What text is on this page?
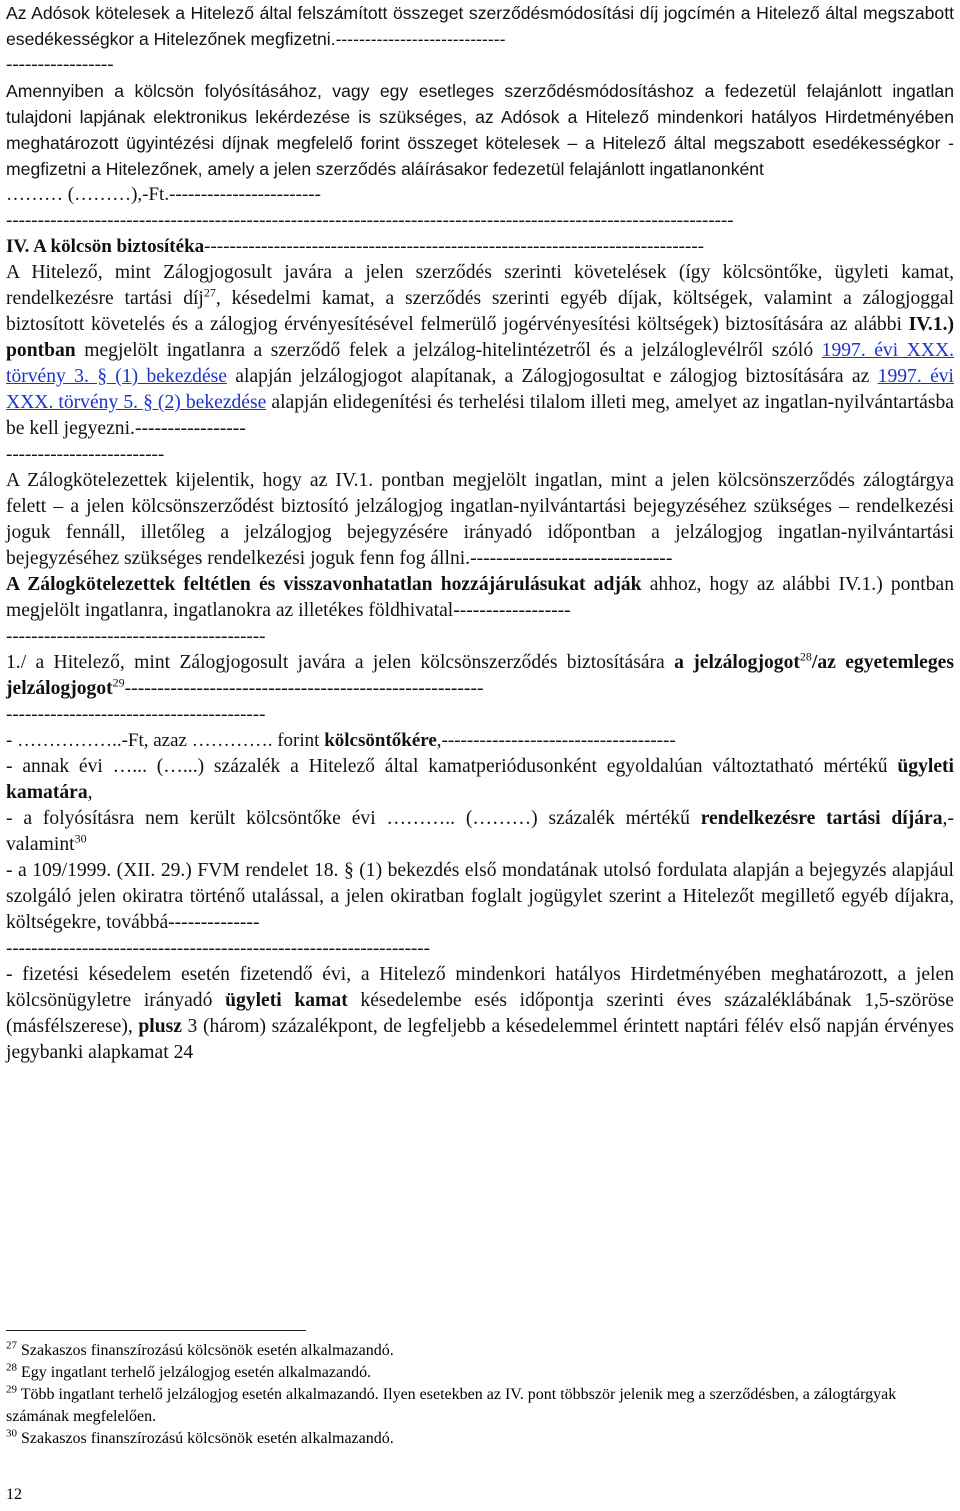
Az Adósok kötelesek a Hitelező által felszámított összeget szerződésmódosítási díj jogcímén a Hitelező által megszabott esedékességkor a Hitelezőnek megfizetni.-----------------------------
-----------------
Amennyiben a kölcsön folyósításához, vagy egy esetleges szerződésmódosításhoz a fedezetül felajánlott ingatlan tulajdoni lapjának elektronikus lekérdezése is szükséges, az Adósok a Hitelező mindenkori hatályos Hirdetményében meghatározott ügyintézési díjnak megfelelő forint összeget kötelesek – a Hitelező által megszabott esedékességkor - megfizetni a Hitelezőnek, amely a jelen szerződés aláírásakor fedezetül felajánlott ingatlanonként
……… (………),-Ft.------------------------
-------------------------------------------------------------------------------------------------------------------
IV. A kölcsön biztosítéka-------------------------------------------------------------------------------
A Hitelező, mint Zálogjogosult javára a jelen szerződés szerinti követelések (így kölcsöntőke, ügyleti kamat, rendelkezésre tartási díj$^{27}$, késedelmi kamat, a szerződés szerinti egyéb díjak, költségek, valamint a zálogjoggal biztosított követelés és a zálogjog érvényesítésével felmerülő jogérvényesítési költségek) biztosítására az alábbi IV.1.) pontban megjelölt ingatlanra a szerződő felek a jelzálog-hitelintézetről és a jelzáloglevélről szóló 1997. évi XXX. törvény 3. § (1) bekezdése alapján jelzálogjogot alapítanak, a Zálogjogosultat e zálogjog biztosítására az 1997. évi XXX. törvény 5. § (2) bekezdése alapján elidegenítési és terhelési tilalom illeti meg, amelyet az ingatlan-nyilvántartásba be kell jegyezni.-----------------
-------------------------
A Zálogkötelezettek kijelentik, hogy az IV.1. pontban megjelölt ingatlan, mint a jelen kölcsönszerződés zálogtárgya felett – a jelen kölcsönszerződést biztosító jelzálogjog ingatlan-nyilvántartási bejegyzéséhez szükséges – rendelkezési joguk fennáll, illetőleg a jelzálogjog bejegyzésére irányadó időpontban a jelzálogjog ingatlan-nyilvántartási bejegyzéséhez szükséges rendelkezési joguk fenn fog állni.-------------------------------
A Zálogkötelezettek feltétlen és visszavonhatatlan hozzájárulásukat adják ahhoz, hogy az alábbi IV.1.) pontban megjelölt ingatlanra, ingatlanokra az illetékes földhivatal------------------
-----------------------------------------
1./ a Hitelező, mint Zálogjogosult javára a jelen kölcsönszerződés biztosítására a jelzálogjogot$^{28}$/az egyetemleges jelzálogjogot$^{29}$-------------------------------------------------------
-----------------------------------------
- ……………..-Ft, azaz …………. forint kölcsöntőkére,-------------------------------------
- annak évi …... (…...) százalék a Hitelező által kamatperiódusonként egyoldalúan változtatható mértékű ügyleti kamatára,
- a folyósításra nem került kölcsöntőke évi ……….. (………) százalék mértékű rendelkezésre tartási díjára,- valamint$^{30}$
- a 109/1999. (XII. 29.) FVM rendelet 18. § (1) bekezdés első mondatának utolsó fordulata alapján a bejegyzés alapjául szolgáló jelen okiratra történő utalással, a jelen okiratban foglalt jogügylet szerint a Hitelezőt megillető egyéb díjakra, költségekre, továbbá--------------
-------------------------------------------------------------------
- fizetési késedelem esetén fizetendő évi, a Hitelező mindenkori hatályos Hirdetményében meghatározott, a jelen kölcsönügyletre irányadó ügyleti kamat késedelembe esés időpontja szerinti éves százaléklábának 1,5-szöröse (másfélszerese), plusz 3 (három) százalékpont, de legfeljebb a késedelemmel érintett naptári félév első napján érvényes jegybanki alapkamat 24
$^{27}$ Szakaszos finanszírozású kölcsönök esetén alkalmazandó.
$^{28}$ Egy ingatlant terhelő jelzálogjog esetén alkalmazandó.
$^{29}$ Több ingatlant terhelő jelzálogjog esetén alkalmazandó. Ilyen esetekben az IV. pont többször jelenik meg a szerződésben, a zálogtárgyak számának megfelelően.
$^{30}$ Szakaszos finanszírozású kölcsönök esetén alkalmazandó.
12
